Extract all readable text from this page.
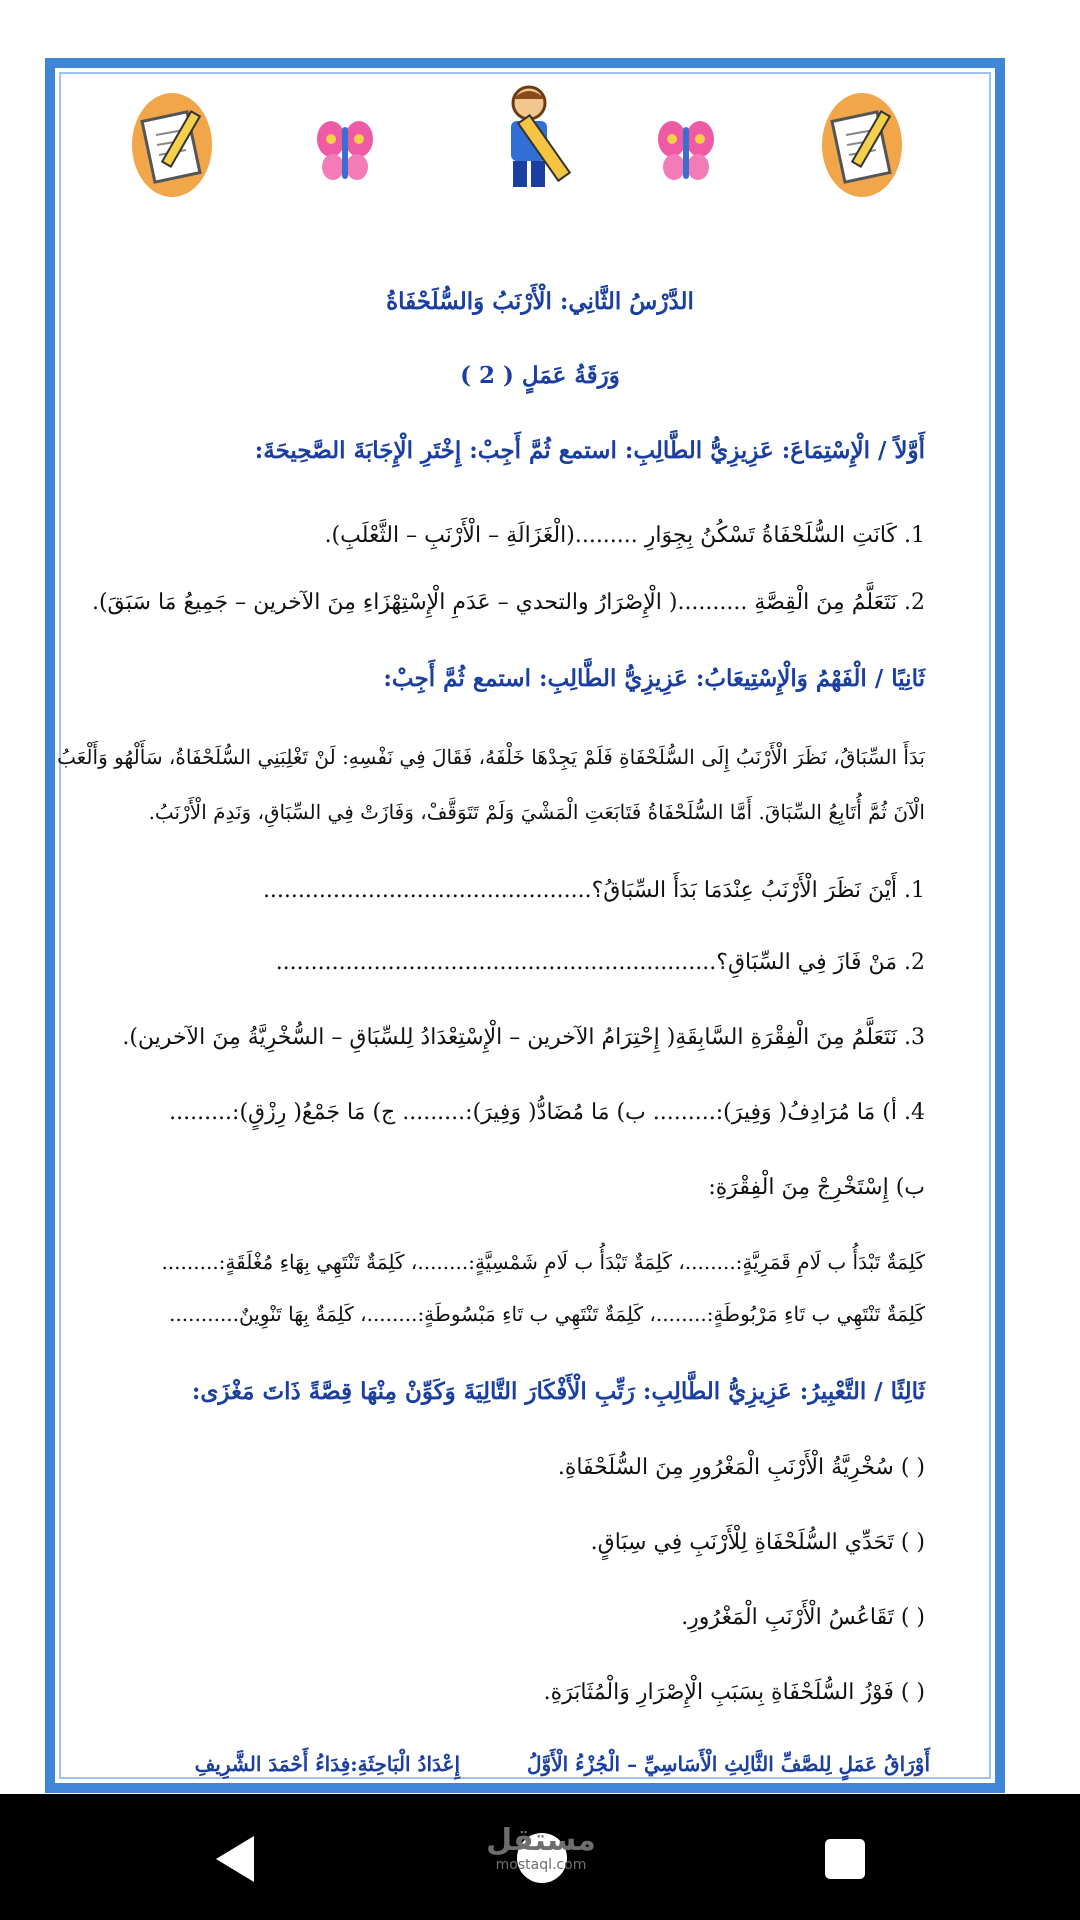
الدَّرْسُ الثَّانِي: الْأَرْنَبُ وَالسُّلَحْفَاةُ
وَرَقَةُ عَمَلٍ ( 2 )
أَوَّلاً / الْإِسْتِمَاعَ: عَزِيزِيُّ الطَّالِبِ: استمع ثُمَّ أَجِبْ: إِخْتَرِ الْإِجَابَةَ الصَّحِيحَةَ:
1. كَانَتِ السُّلَحْفَاةُ تَسْكُنُ بِجِوَارِ .........(الْغَزَالَةِ – الْأَرْنَبِ – الثَّعْلَبِ).
2. نَتَعَلَّمُ مِنَ الْقِصَّةِ ..........( الْإِصْرَارُ والتحدي – عَدَمِ الْإِسْتِهْزَاءِ مِنَ الآخرين – جَمِيعُ مَا سَبَقَ).
ثَانِيًا / الْفَهْمُ وَالْإِسْتِيعَابُ: عَزِيزِيُّ الطَّالِبِ: استمع ثُمَّ أَجِبْ:
بَدَأَ السِّبَاقُ، نَظَرَ الْأَرْنَبُ إِلَى السُّلَحْفَاةِ فَلَمْ يَجِدْهَا خَلْفَهُ، فَقَالَ فِي نَفْسِهِ: لَنْ تَغْلِبَنِي السُّلَحْفَاةُ، سَأَلْهُو وَأَلْعَبُ
الْآنَ ثُمَّ أُتَابِعُ السِّبَاقَ. أَمَّا السُّلَحْفَاةُ فَتَابَعَتِ الْمَشْيَ وَلَمْ تَتَوَقَّفْ، وَفَازَتْ فِي السِّبَاقِ، وَنَدِمَ الْأَرْنَبُ.
1. أَيْنَ نَظَرَ الْأَرْنَبُ عِنْدَمَا بَدَأَ السِّبَاقُ؟...............................................
2. مَنْ فَازَ فِي السِّبَاقِ؟...............................................................
3. نَتَعَلَّمُ مِنَ الْفِقْرَةِ السَّابِقَةِ( إِحْتِرَامُ الآخرين – الْإِسْتِعْدَادُ لِلسِّبَاقِ – السُّخْرِيَّةُ مِنَ الآخرين).
4. أ) مَا مُرَادِفُ( وَفِيرَ):......... ب) مَا مُضَادُّ( وَفِيرَ):......... ج) مَا جَمْعُ( رِزْقٍ):.........
ب) إِسْتَخْرِجْ مِنَ الْفِقْرَةِ:
كَلِمَةٌ تَبْدَأُ ب لَامِ قَمَرِيَّةٍ:........، كَلِمَةٌ تَبْدَأُ ب لَامِ شَمْسِيَّةٍ:........، كَلِمَةٌ تَنْتَهِي بِهَاءِ مُغْلَقَةٍ:.........
كَلِمَةٌ تَنْتَهِي ب تَاءِ مَرْبُوطَةٍ:........، كَلِمَةٌ تَنْتَهِي ب تَاءِ مَبْسُوطَةٍ:........، كَلِمَةٌ بِهَا تَنْوِينٌ...........
ثَالِثًا / التَّعْبِيرُ: عَزِيزِيُّ الطَّالِبِ: رَتِّبِ الْأَفْكَارَ التَّالِيَةَ وَكَوِّنْ مِنْهَا قِصَّةً ذَاتَ مَغْزَى:
( ) سُخْرِيَّةُ الْأَرْنَبِ الْمَغْرُورِ مِنَ السُّلَحْفَاةِ.
( ) تَحَدِّي السُّلَحْفَاةِ لِلْأَرْنَبِ فِي سِبَاقٍ.
( ) تَقَاعُسُ الْأَرْنَبِ الْمَغْرُورِ.
( ) فَوْزُ السُّلَحْفَاةِ بِسَبَبِ الْإِصْرَارِ وَالْمُثَابَرَةِ.
أَوْرَاقُ عَمَلٍ لِلصَّفِّ الثَّالِثِ الْأَسَاسِيِّ – الْجُزْءُ الْأَوَّلُ
إِعْدَادُ الْبَاحِثَةِ:فِدَاءُ أَحْمَدَ الشَّرِيفِ
مستقل
mostaql.com
